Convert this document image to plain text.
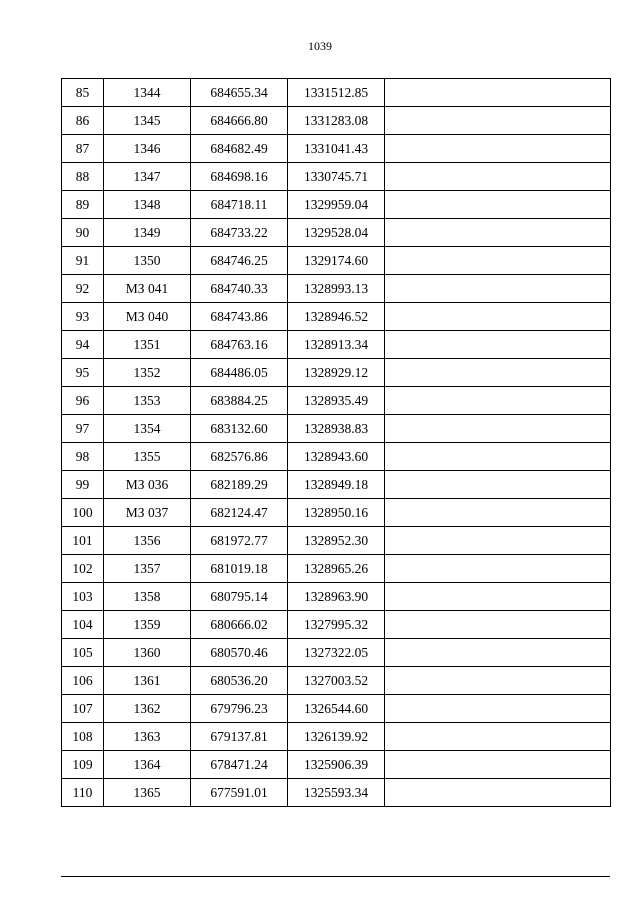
1039
85	1344	684655.34	1331512.85	
86	1345	684666.80	1331283.08	
87	1346	684682.49	1331041.43	
88	1347	684698.16	1330745.71	
89	1348	684718.11	1329959.04	
90	1349	684733.22	1329528.04	
91	1350	684746.25	1329174.60	
92	МЗ 041	684740.33	1328993.13	
93	МЗ 040	684743.86	1328946.52	
94	1351	684763.16	1328913.34	
95	1352	684486.05	1328929.12	
96	1353	683884.25	1328935.49	
97	1354	683132.60	1328938.83	
98	1355	682576.86	1328943.60	
99	МЗ 036	682189.29	1328949.18	
100	МЗ 037	682124.47	1328950.16	
101	1356	681972.77	1328952.30	
102	1357	681019.18	1328965.26	
103	1358	680795.14	1328963.90	
104	1359	680666.02	1327995.32	
105	1360	680570.46	1327322.05	
106	1361	680536.20	1327003.52	
107	1362	679796.23	1326544.60	
108	1363	679137.81	1326139.92	
109	1364	678471.24	1325906.39	
110	1365	677591.01	1325593.34	
